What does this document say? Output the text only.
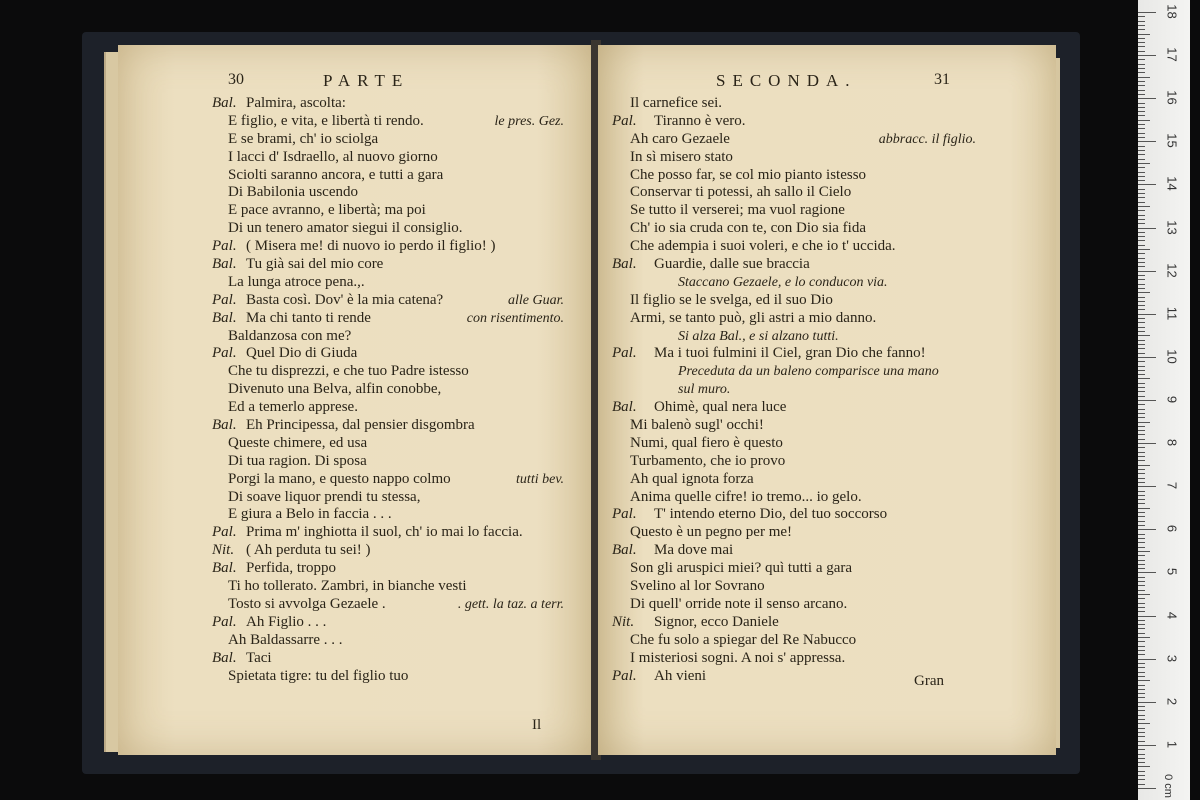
30	PARTE
Bal. Palmira, ascolta:
E figlio, e vita, e libertà ti rendo.	le pres. Gez.
E se brami, ch' io sciolga
I lacci d' Isdraello, al nuovo giorno
Sciolti saranno ancora, e tutti a gara
Di Babilonia uscendo
E pace avranno, e libertà; ma poi
Di un tenero amator siegui il consiglio.
Pal. ( Misera me! di nuovo io perdo il figlio! )
Bal. Tu già sai del mio core
La lunga atroce pena.,.
Pal. Basta così. Dov' è la mia catena?	alle Guar.
Bal. Ma chi tanto ti rende	con risentimento.
Baldanzosa con me?
Pal. Quel Dio di Giuda
Che tu disprezzi, e che tuo Padre istesso
Divenuto una Belva, alfin conobbe,
Ed a temerlo apprese.
Bal. Eh Principessa, dal pensier disgombra
Queste chimere, ed usa
Di tua ragion. Di sposa
Porgi la mano, e questo nappo colmo	tutti bev.
Di soave liquor prendi tu stessa,
E giura a Belo in faccia . . .
Pal. Prima m' inghiotta il suol, ch' io mai lo faccia.
Nit. ( Ah perduta tu sei! )
Bal. Perfida, troppo
Ti ho tollerato. Zambri, in bianche vesti
Tosto si avvolga Gezaele .	. gett. la taz. a terr.
Pal. Ah Figlio . . .
Ah Baldassarre . . .
Bal. Taci
Spietata tigre: tu del figlio tuo
Il
SECONDA.	31
Il carnefice sei.
Pal. Tiranno è vero.
Ah caro Gezaele	abbracc. il figlio.
In sì misero stato
Che posso far, se col mio pianto istesso
Conservar ti potessi, ah sallo il Cielo
Se tutto il verserei; ma vuol ragione
Ch' io sia cruda con te, con Dio sia fida
Che adempia i suoi voleri, e che io t' uccida.
Bal. Guardie, dalle sue braccia
Staccano Gezaele, e lo conducon via.
Il figlio se le svelga, ed il suo Dio
Armi, se tanto può, gli astri a mio danno.
Si alza Bal., e si alzano tutti.
Pal. Ma i tuoi fulmini il Ciel, gran Dio che fanno!
Preceduta da un baleno comparisce una mano
sul muro.
Bal. Ohimè, qual nera luce
Mi balenò sugl' occhi!
Numi, qual fiero è questo
Turbamento, che io provo
Ah qual ignota forza
Anima quelle cifre! io tremo... io gelo.
Pal. T' intendo eterno Dio, del tuo soccorso
Questo è un pegno per me!
Bal. Ma dove mai
Son gli aruspici miei? quì tutti a gara
Svelino al lor Sovrano
Di quell' orride note il senso arcano.
Nit. Signor, ecco Daniele
Che fu solo a spiegar del Re Nabucco
I misteriosi sogni. A noi s' appressa.
Pal. Ah vieni	Gran
0 cm
18
17
16
15
14
13
12
11
10
9
8
7
6
5
4
3
2
1
